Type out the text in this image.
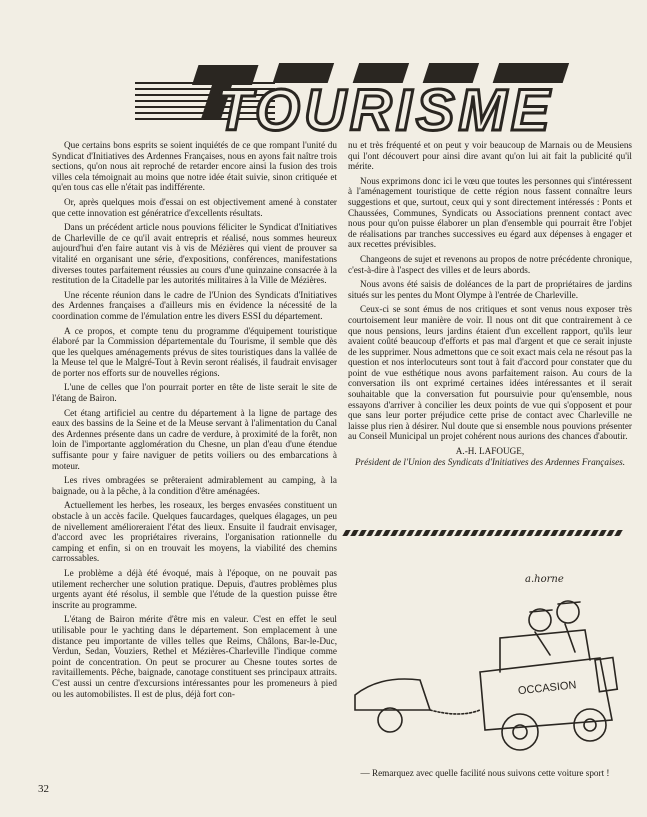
TOURISME

Que certains bons esprits se soient inquiétés de ce que rompant l'unité du Syndicat d'Initiatives des Ardennes Françaises, nous en ayons fait naître trois sections, qu'on nous ait reproché de retarder encore ainsi la fusion des trois villes cela témoignait au moins que notre idée était suivie, sinon critiquée et qu'en tous cas elle n'était pas indifférente.

Or, après quelques mois d'essai on est objectivement amené à constater que cette innovation est génératrice d'excellents résultats.

Dans un précédent article nous pouvions féliciter le Syndicat d'Initiatives de Charleville de ce qu'il avait entrepris et réalisé, nous sommes heureux aujourd'hui d'en faire autant vis à vis de Mézières qui vient de prouver sa vitalité en organisant une série, d'expositions, conférences, manifestations diverses toutes parfaitement réussies au cours d'une quinzaine consacrée à la restitution de la Citadelle par les autorités militaires à la Ville de Mézières.

Une récente réunion dans le cadre de l'Union des Syndicats d'Initiatives des Ardennes françaises a d'ailleurs mis en évidence la nécessité de la coordination comme de l'émulation entre les divers ESSI du département.

A ce propos, et compte tenu du programme d'équipement touristique élaboré par la Commission départementale du Tourisme, il semble que dès que les quelques aménagements prévus de sites touristiques dans la vallée de la Meuse tel que le Malgré-Tout à Revin seront réalisés, il faudrait envisager de porter nos efforts sur de nouvelles régions.

L'une de celles que l'on pourrait porter en tête de liste serait le site de l'étang de Bairon.

Cet étang artificiel au centre du département à la ligne de partage des eaux des bassins de la Seine et de la Meuse servant à l'alimentation du Canal des Ardennes présente dans un cadre de verdure, à proximité de la forêt, non loin de l'importante agglomération du Chesne, un plan d'eau d'une étendue suffisante pour y faire naviguer de petits voiliers ou des embarcations à moteur.

Les rives ombragées se prêteraient admirablement au camping, à la baignade, ou à la pêche, à la condition d'être aménagées.

Actuellement les herbes, les roseaux, les berges envasées constituent un obstacle à un accès facile. Quelques faucardages, quelques élagages, un peu de nivellement amélioreraient l'état des lieux. Ensuite il faudrait envisager, d'accord avec les propriétaires riverains, l'organisation rationnelle du camping et enfin, si on en trouvait les moyens, la viabilité des chemins carrossables.

Le problème a déjà été évoqué, mais à l'époque, on ne pouvait pas utilement rechercher une solution pratique. Depuis, d'autres problèmes plus urgents ayant été résolus, il semble que l'étude de la question puisse être inscrite au programme.

L'étang de Bairon mérite d'être mis en valeur. C'est en effet le seul utilisable pour le yachting dans le département. Son emplacement à une distance peu importante de villes telles que Reims, Châlons, Bar-le-Duc, Verdun, Sedan, Vouziers, Rethel et Mézières-Charleville l'indique comme point de concentration. On peut se procurer au Chesne toutes sortes de ravitaillements. Pêche, baignade, canotage constituent ses principaux attraits. C'est aussi un centre d'excursions intéressantes pour les promeneurs à pied ou les automobilistes. Il est de plus, déjà fort con-

nu et très fréquenté et on peut y voir beaucoup de Marnais ou de Meusiens qui l'ont découvert pour ainsi dire avant qu'on lui ait fait la publicité qu'il mérite.

Nous exprimons donc ici le vœu que toutes les personnes qui s'intéressent à l'aménagement touristique de cette région nous fassent connaître leurs suggestions et que, surtout, ceux qui y sont directement intéressés : Ponts et Chaussées, Communes, Syndicats ou Associations prennent contact avec nous pour qu'on puisse élaborer un plan d'ensemble qui pourrait être l'objet de réalisations par tranches successives eu égard aux dépenses à engager et aux recettes prévisibles.

Changeons de sujet et revenons au propos de notre précédente chronique, c'est-à-dire à l'aspect des villes et de leurs abords.

Nous avons été saisis de doléances de la part de propriétaires de jardins situés sur les pentes du Mont Olympe à l'entrée de Charleville.

Ceux-ci se sont émus de nos critiques et sont venus nous exposer très courtoisement leur manière de voir. Il nous ont dit que contrairement à ce que nous pensions, leurs jardins étaient d'un excellent rapport, qu'ils leur avaient coûté beaucoup d'efforts et pas mal d'argent et que ce serait injuste de les supprimer. Nous admettons que ce soit exact mais cela ne résout pas la question et nos interlocuteurs sont tout à fait d'accord pour constater que du point de vue esthétique nous avons parfaitement raison. Au cours de la conversation ils ont exprimé certaines idées intéressantes et il serait souhaitable que la conversation fut poursuivie pour qu'ensemble, nous essayons d'arriver à concilier les deux points de vue qui s'opposent et pour que sans leur porter préjudice cette prise de contact avec Charleville ne laisse plus rien à désirer. Nul doute que si ensemble nous pouvions présenter au Conseil Municipal un projet cohérent nous aurions des chances d'aboutir.

A.-H. LAFOUGE,
Président de l'Union des Syndicats d'Initiatives des Ardennes Françaises.
a.horne
OCCASION
— Remarquez avec quelle facilité nous suivons cette voiture sport !
32
